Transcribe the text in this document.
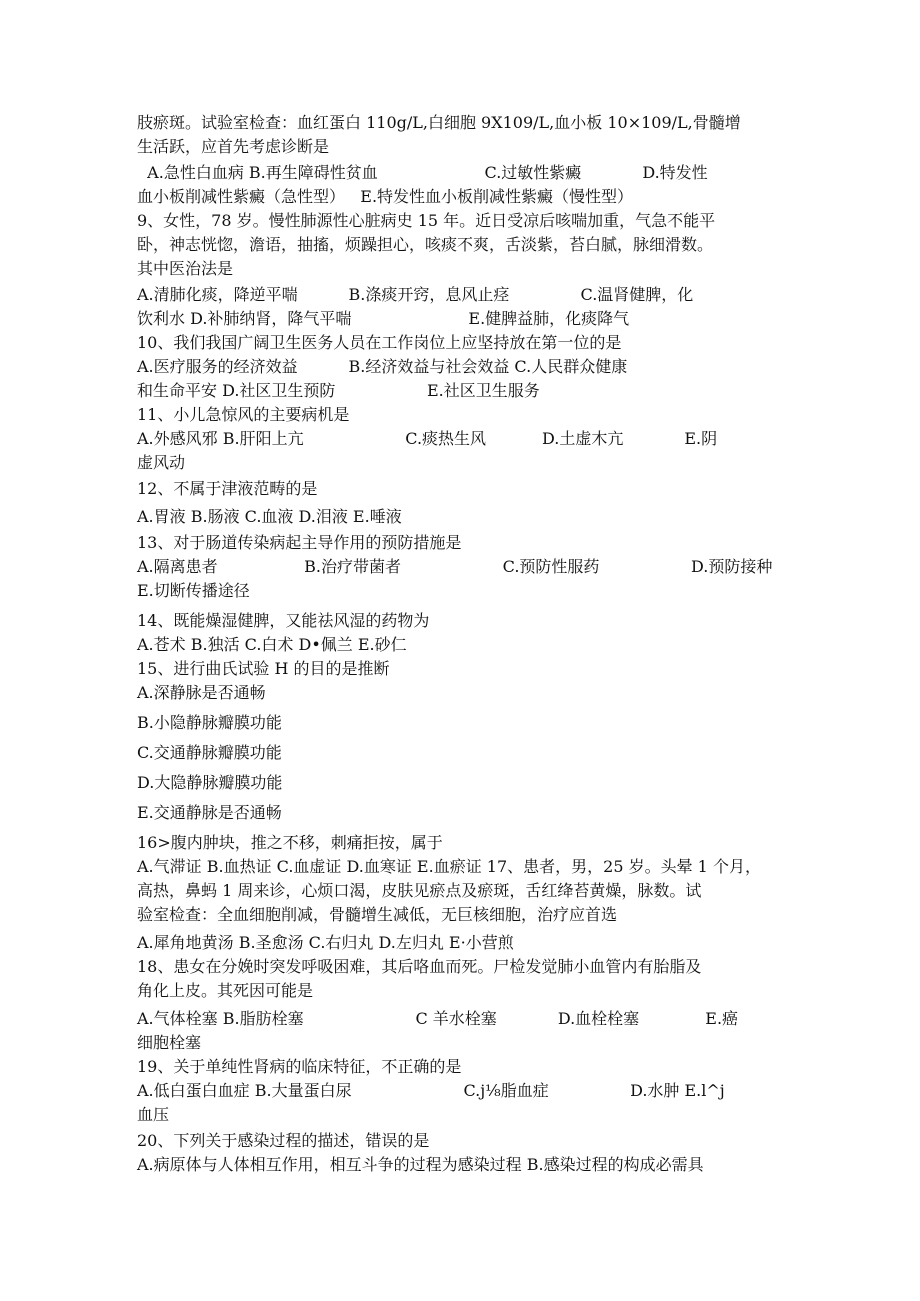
肢瘀斑。试验室检查：血红蛋白 110g/L,白细胞 9X109/L,血小板 10×109/L,骨髓增
生活跃，应首先考虑诊断是
A.急性白血病 B.再生障碍性贫血                     C.过敏性紫癜            D.特发性
血小板削减性紫癜（急性型）   E.特发性血小板削减性紫癜（慢性型）
9、女性，78 岁。慢性肺源性心脏病史 15 年。近日受凉后咳喘加重，气急不能平
卧，神志恍惚，澹语，抽搐，烦躁担心，咳痰不爽，舌淡紫，苔白腻，脉细滑数。
其中医治法是
A.清肺化痰，降逆平喘          B.涤痰开窍，息风止痉              C.温肾健脾，化
饮利水 D.补肺纳肾，降气平喘                       E.健脾益肺，化痰降气
10、我们我国广阔卫生医务人员在工作岗位上应坚持放在第一位的是
A.医疗服务的经济效益          B.经济效益与社会效益 C.人民群众健康
和生命平安 D.社区卫生预防                  E.社区卫生服务
11、小儿急惊风的主要病机是
A.外感风邪 B.肝阳上亢                    C.痰热生风           D.土虚木亢            E.阴
虚风动
12、不属于津液范畴的是
A.胃液 B.肠液 C.血液 D.泪液 E.唾液
13、对于肠道传染病起主导作用的预防措施是
A.隔离患者                 B.治疗带菌者                    C.预防性服药                  D.预防接种
E.切断传播途径
14、既能燥湿健脾，又能祛风湿的药物为
A.苍术 B.独活 C.白术 D•佩兰 E.砂仁
15、进行曲氏试验 H 的目的是推断
A.深静脉是否通畅
B.小隐静脉瓣膜功能
C.交通静脉瓣膜功能
D.大隐静脉瓣膜功能
E.交通静脉是否通畅
16>腹内肿块，推之不移，刺痛拒按，属于
A.气滞证 B.血热证 C.血虚证 D.血寒证 E.血瘀证 17、患者，男，25 岁。头晕 1 个月，
高热，鼻蚂 1 周来诊，心烦口渴，皮肤见瘀点及瘀斑，舌红绛苔黄燥，脉数。试
验室检查：全血细胞削减，骨髓增生减低，无巨核细胞，治疗应首选
A.犀角地黄汤 B.圣愈汤 C.右归丸 D.左归丸 E·小营煎
18、患女在分娩时突发呼吸困难，其后咯血而死。尸检发觉肺小血管内有胎脂及
角化上皮。其死因可能是
A.气体栓塞 B.脂肪栓塞                      C 羊水栓塞            D.血栓栓塞             E.癌
细胞栓塞
19、关于单纯性肾病的临床特征，不正确的是
A.低白蛋白血症 B.大量蛋白尿                      C.j⅛脂血症                D.水肿 E.l^j
血压
20、下列关于感染过程的描述，错误的是
A.病原体与人体相互作用，相互斗争的过程为感染过程 B.感染过程的构成必需具
